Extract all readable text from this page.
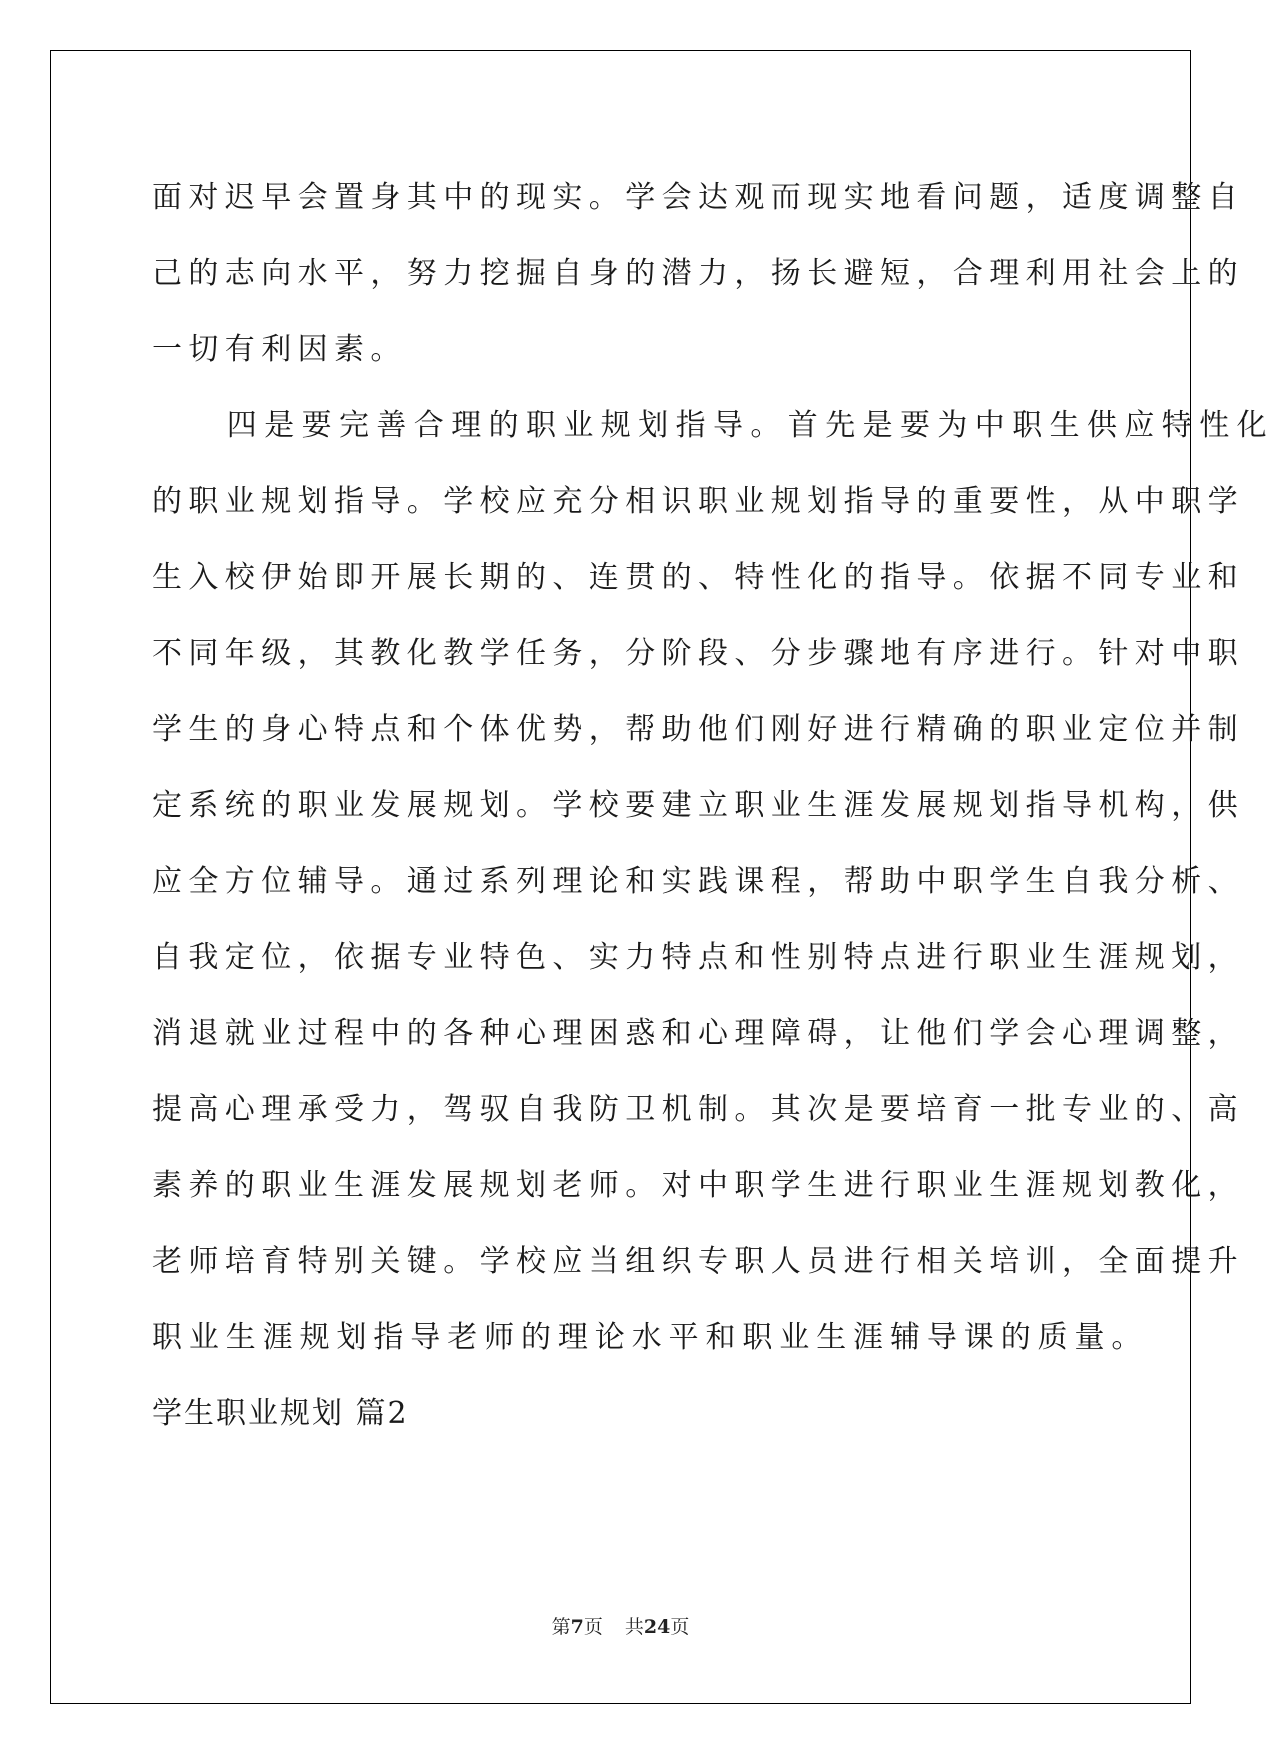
面对迟早会置身其中的现实。学会达观而现实地看问题，适度调整自
己的志向水平，努力挖掘自身的潜力，扬长避短，合理利用社会上的
一切有利因素。
　　四是要完善合理的职业规划指导。首先是要为中职生供应特性化
的职业规划指导。学校应充分相识职业规划指导的重要性，从中职学
生入校伊始即开展长期的、连贯的、特性化的指导。依据不同专业和
不同年级，其教化教学任务，分阶段、分步骤地有序进行。针对中职
学生的身心特点和个体优势，帮助他们刚好进行精确的职业定位并制
定系统的职业发展规划。学校要建立职业生涯发展规划指导机构，供
应全方位辅导。通过系列理论和实践课程，帮助中职学生自我分析、
自我定位，依据专业特色、实力特点和性别特点进行职业生涯规划，
消退就业过程中的各种心理困惑和心理障碍，让他们学会心理调整，
提高心理承受力，驾驭自我防卫机制。其次是要培育一批专业的、高
素养的职业生涯发展规划老师。对中职学生进行职业生涯规划教化，
老师培育特别关键。学校应当组织专职人员进行相关培训，全面提升
职业生涯规划指导老师的理论水平和职业生涯辅导课的质量。
学生职业规划 篇2
第7页 共24页
